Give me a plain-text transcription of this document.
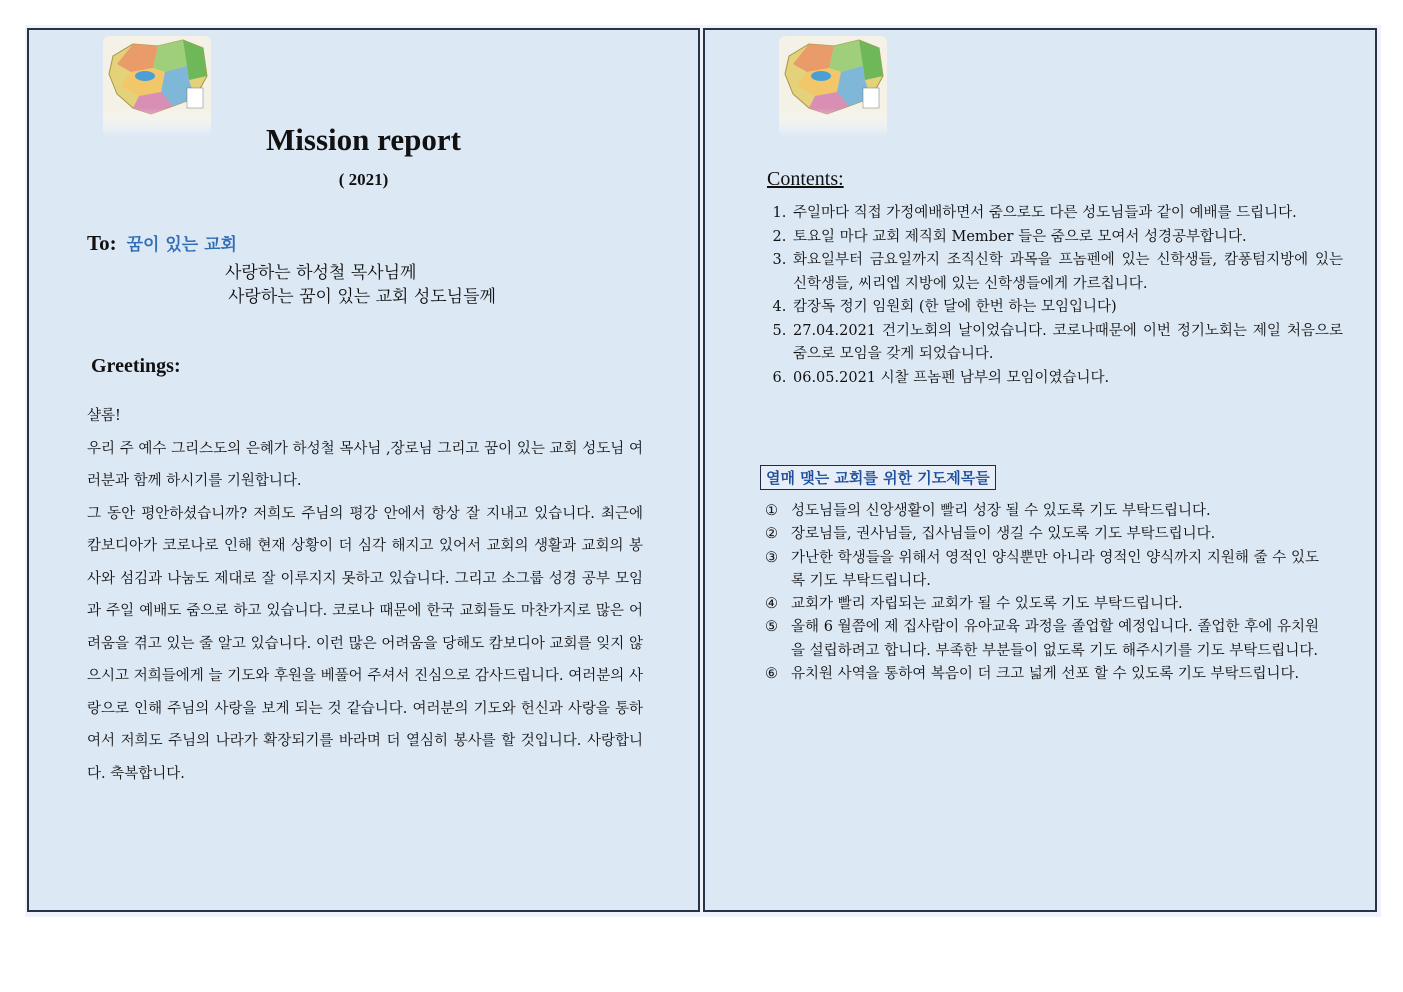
Mission report
( 2021)
To: 꿈이 있는 교회
사랑하는 하성철 목사님께
사랑하는 꿈이 있는 교회 성도님들께
Greetings:

샬롬!

우리 주 예수 그리스도의 은혜가 하성철 목사님 ,장로님 그리고 꿈이 있는 교회 성도님 여러분과 함께 하시기를 기원합니다.

그 동안 평안하셨습니까? 저희도 주님의 평강 안에서 항상 잘 지내고 있습니다. 최근에 캄보디아가 코로나로 인해 현재 상황이 더 심각 해지고 있어서 교회의 생활과 교회의 봉사와 섬김과 나눔도 제대로 잘 이루지지 못하고 있습니다. 그리고 소그룹 성경 공부 모임과 주일 예배도 줌으로 하고 있습니다. 코로나 때문에 한국 교회들도 마찬가지로 많은 어려움을 겪고 있는 줄 알고 있습니다. 이런 많은 어려움을 당해도 캄보디아 교회를 잊지 않으시고 저희들에게 늘 기도와 후원을 베풀어 주셔서 진심으로 감사드립니다. 여러분의 사랑으로 인해 주님의 사랑을 보게 되는 것 같습니다. 여러분의 기도와 헌신과 사랑을 통하여서 저희도 주님의 나라가 확장되기를 바라며 더 열심히 봉사를 할 것입니다. 사랑합니다. 축복합니다.

Contents:
1. 주일마다 직접 가정예배하면서 줌으로도 다른 성도님들과 같이 예배를 드립니다.
2. 토요일 마다 교회 제직회 Member 들은 줌으로 모여서 성경공부합니다.
3. 화요일부터 금요일까지 조직신학 과목을 프놈펜에 있는 신학생들, 캄퐁텀지방에 있는 신학생들, 씨리엡 지방에 있는 신학생들에게 가르칩니다.
4. 캄장독 정기 임원회 (한 달에 한번 하는 모임입니다)
5. 27.04.2021 건기노회의 날이었습니다. 코로나때문에 이번 정기노회는 제일 처음으로 줌으로 모임을 갖게 되었습니다.
6. 06.05.2021 시찰 프놈펜 남부의 모임이였습니다.
열매 맺는 교회를 위한 기도제목들
① 성도님들의 신앙생활이 빨리 성장 될 수 있도록 기도 부탁드립니다.
② 장로님들, 권사님들, 집사님들이 생길 수 있도록 기도 부탁드립니다.
③ 가난한 학생들을 위해서 영적인 양식뿐만 아니라 영적인 양식까지 지원해 줄 수 있도록 기도 부탁드립니다.
④ 교회가 빨리 자립되는 교회가 될 수 있도록 기도 부탁드립니다.
⑤ 올해 6 월쯤에 제 집사람이 유아교육 과정을 졸업할 예정입니다. 졸업한 후에 유치원을 설립하려고 합니다. 부족한 부분들이 없도록 기도 해주시기를 기도 부탁드립니다.
⑥ 유치원 사역을 통하여 복음이 더 크고 넓게 선포 할 수 있도록 기도 부탁드립니다.
